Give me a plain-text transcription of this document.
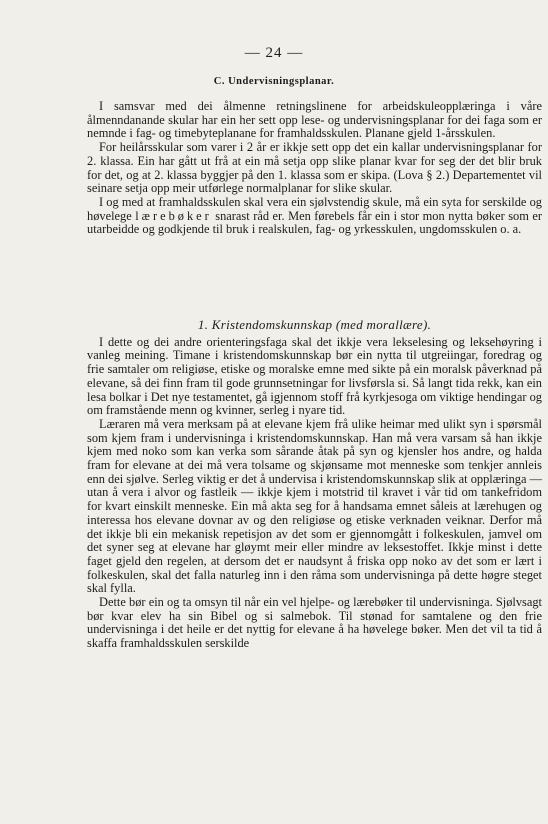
— 24 —
C. Undervisningsplanar.

I samsvar med dei ålmenne retningslinene for arbeidskuleopplæringa i våre ålmenndanande skular har ein her sett opp lese- og undervisningsplanar for dei faga som er nemnde i fag- og timebyteplanane for framhaldsskulen. Planane gjeld 1-årsskulen.

For heilårsskular som varer i 2 år er ikkje sett opp det ein kallar undervisningsplanar for 2. klassa. Ein har gått ut frå at ein må setja opp slike planar kvar for seg der det blir bruk for det, og at 2. klassa byggjer på den 1. klassa som er skipa. (Lova § 2.) Departementet vil seinare setja opp meir utførlege normalplanar for slike skular.

I og med at framhaldsskulen skal vera ein sjølvstendig skule, må ein syta for serskilde og høvelege lærebøker snarast råd er. Men førebels får ein i stor mon nytta bøker som er utarbeidde og godkjende til bruk i realskulen, fag- og yrkesskulen, ungdomsskulen o. a.

1. Kristendomskunnskap (med morallære).

I dette og dei andre orienteringsfaga skal det ikkje vera lekselesing og leksehøyring i vanleg meining. Timane i kristendomskunnskap bør ein nytta til utgreiingar, foredrag og frie samtaler om religiøse, etiske og moralske emne med sikte på ein moralsk påverknad på elevane, så dei finn fram til gode grunnsetningar for livsførsla si. Så langt tida rekk, kan ein lesa bolkar i Det nye testamentet, gå igjennom stoff frå kyrkjesoga om viktige hendingar og om framstående menn og kvinner, serleg i nyare tid.

Læraren må vera merksam på at elevane kjem frå ulike heimar med ulikt syn i spørsmål som kjem fram i undervisninga i kristendomskunnskap. Han må vera varsam så han ikkje kjem med noko som kan verka som sårande åtak på syn og kjensler hos andre, og halda fram for elevane at dei må vera tolsame og skjønsame mot menneske som tenkjer annleis enn dei sjølve. Serleg viktig er det å undervisa i kristendomskunnskap slik at opplæringa — utan å vera i alvor og fastleik — ikkje kjem i motstrid til kravet i vår tid om tankefridom for kvart einskilt menneske. Ein må akta seg for å handsama emnet såleis at lærehugen og interessa hos elevane dovnar av og den religiøse og etiske verknaden veiknar. Derfor må det ikkje bli ein mekanisk repetisjon av det som er gjennomgått i folkeskulen, jamvel om det syner seg at elevane har gløymt meir eller mindre av leksestoffet. Ikkje minst i dette faget gjeld den regelen, at dersom det er naudsynt å friska opp noko av det som er lært i folkeskulen, skal det falla naturleg inn i den råma som undervisninga på dette høgre steget skal fylla.

Dette bør ein og ta omsyn til når ein vel hjelpe- og lærebøker til undervisninga. Sjølvsagt bør kvar elev ha sin Bibel og si salmebok. Til stønad for samtalene og den frie undervisninga i det heile er det nyttig for elevane å ha høvelege bøker. Men det vil ta tid å skaffa framhaldsskulen serskilde
